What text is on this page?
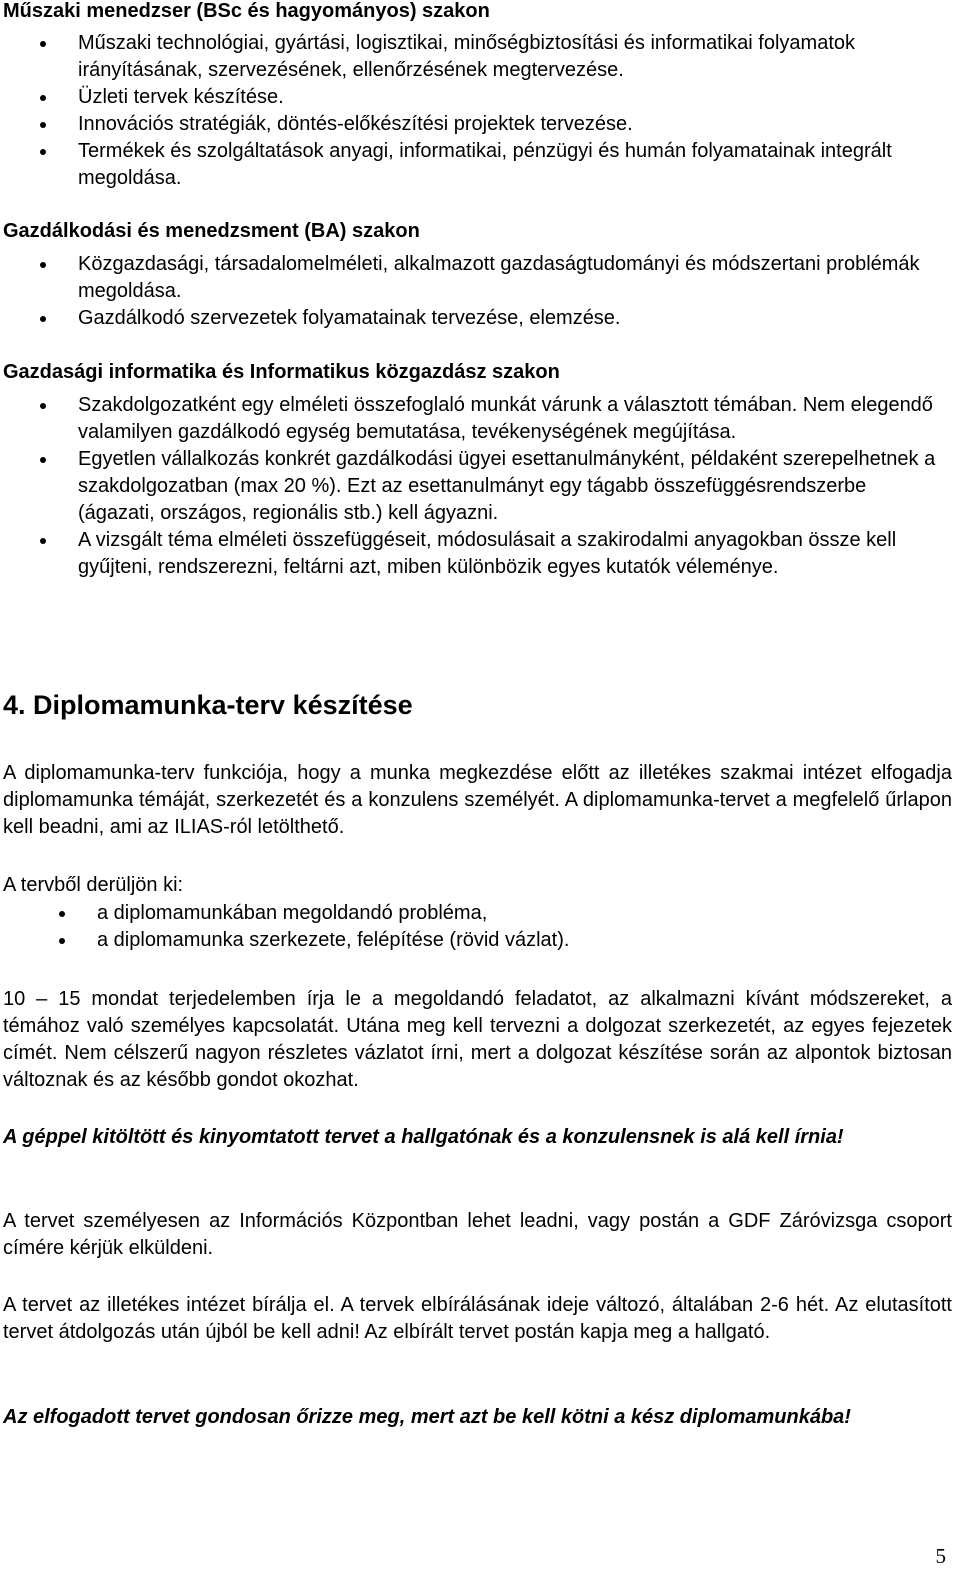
Műszaki menedzser (BSc és hagyományos) szakon
Műszaki technológiai, gyártási, logisztikai, minőségbiztosítási és informatikai folyamatok irányításának, szervezésének, ellenőrzésének megtervezése.
Üzleti tervek készítése.
Innovációs stratégiák, döntés-előkészítési projektek tervezése.
Termékek és szolgáltatások anyagi, informatikai, pénzügyi és humán folyamatainak integrált megoldása.
Gazdálkodási és menedzsment (BA) szakon
Közgazdasági, társadalomelméleti, alkalmazott gazdaságtudományi és módszertani problémák megoldása.
Gazdálkodó szervezetek folyamatainak tervezése, elemzése.
Gazdasági informatika és Informatikus közgazdász szakon
Szakdolgozatként egy elméleti összefoglaló munkát várunk a választott témában. Nem elegendő valamilyen gazdálkodó egység bemutatása, tevékenységének megújítása.
Egyetlen vállalkozás konkrét gazdálkodási ügyei esettanulmányként, példaként szerepelhetnek a szakdolgozatban (max 20 %). Ezt az esettanulmányt egy tágabb összefüggésrendszerbe (ágazati, országos, regionális stb.) kell ágyazni.
A vizsgált téma elméleti összefüggéseit, módosulásait a szakirodalmi anyagokban össze kell gyűjteni, rendszerezni, feltárni azt, miben különbözik egyes kutatók véleménye.
4. Diplomamunka-terv készítése

A diplomamunka-terv funkciója, hogy a munka megkezdése előtt az illetékes szakmai intézet elfogadja diplomamunka témáját, szerkezetét és a konzulens személyét. A diplomamunka-tervet a megfelelő űrlapon kell beadni, ami az ILIAS-ról letölthető.

A tervből derüljön ki:

a diplomamunkában megoldandó probléma,
a diplomamunka szerkezete, felépítése (rövid vázlat).

10 – 15 mondat terjedelemben írja le a megoldandó feladatot, az alkalmazni kívánt módszereket, a témához való személyes kapcsolatát. Utána meg kell tervezni a dolgozat szerkezetét, az egyes fejezetek címét. Nem célszerű nagyon részletes vázlatot írni, mert a dolgozat készítése során az alpontok biztosan változnak és az később gondot okozhat.

A géppel kitöltött és kinyomtatott tervet a hallgatónak és a konzulensnek is alá kell írnia!

A tervet személyesen az Információs Központban lehet leadni, vagy postán a GDF Záróvizsga csoport címére kérjük elküldeni.

A tervet az illetékes intézet bírálja el. A tervek elbírálásának ideje változó, általában 2-6 hét. Az elutasított tervet átdolgozás után újból be kell adni! Az elbírált tervet postán kapja meg a hallgató.

Az elfogadott tervet gondosan őrizze meg, mert azt be kell kötni a kész diplomamunkába!

5
